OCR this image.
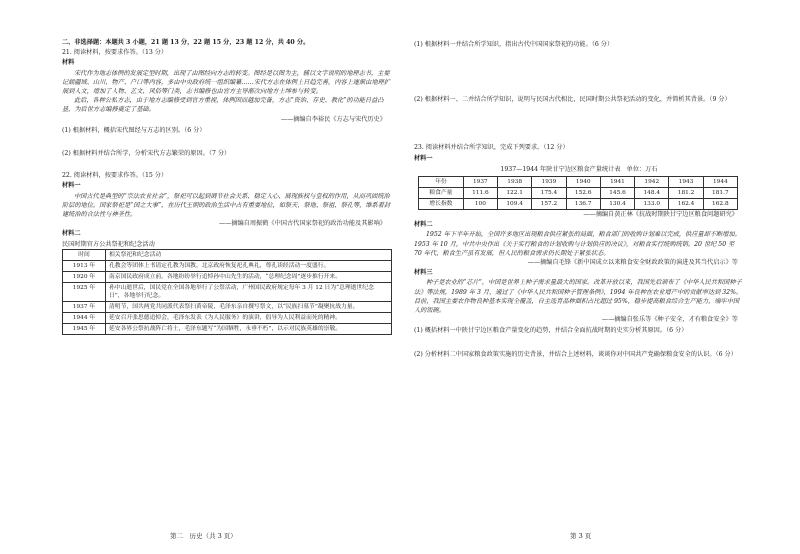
二、非选择题：本题共 3 小题，21 题 13 分，22 题 15 分，23 题 12 分，共 40 分。
21. 阅读材料，按要求作答。（13 分）
材料

宋代作为地志体例的发展定型时期，出现了由图经向方志的转变。图经是以图为主，辅以文字说明的地理志书，主要记载疆域、山川、物产、户口等内容，多由中央政府统一组织编纂……宋代方志在体例上日趋完善，内容上逐渐由地理扩展到人文，增加了人物、艺文、风俗等门类，志书编修也由官方主导渐次向地方士绅参与转变。

此后，各种公私方志，由于地方志编修受到官方重视，体例因而越加完备，方志“资治、存史、教化”的功能日益凸显，为后世方志编修奠定了基础。

——摘编自李裕民《方志与宋代历史》
(1) 根据材料，概括宋代图经与方志的区别。（6 分）
(2) 根据材料并结合所学，分析宋代方志繁荣的原因。（7 分）
22. 阅读材料，按要求作答。（15 分）
材料一

中国古代是典型的“宗法农业社会”，祭祀可以起到调节社会关系、稳定人心、展现族权与皇权的作用，从而巩固统治阶层的地位。国家祭祀是“国之大事”，在历代王朝的政治生活中占有重要地位，如祭天、祭地、祭祖、祭孔等，维系着封建统治的合法性与神圣性。

——摘编自周振鹤《中国古代国家祭祀的政治功能及其影响》
材料二
民国时期官方公共祭祀和纪念活动
时间	相关祭祀和纪念活动
1913 年	孔教会等团体上书请定孔教为国教，北京政府恢复祀孔典礼，尊孔读经活动一度盛行。
1920 年	南京国民政府成立前，各地纷纷举行追悼孙中山先生的活动，“总理纪念周”逐步推行开来。
1925 年	孙中山逝世后，国民党在全国各地举行了公祭活动，广州国民政府规定每年 3 月 12 日为“总理逝世纪念日”，各地举行纪念。
1937 年	清明节，国共两党共同派代表祭扫黄帝陵，毛泽东亲自撰写祭文，以“民族扫墓节”凝聚抗战力量。
1944 年	延安召开张思德追悼会，毛泽东发表《为人民服务》的演讲，倡导为人民利益而死的精神。
1945 年	延安各界公祭抗战阵亡将士，毛泽东题写“为国牺牲，永垂不朽”，以示对民族英雄的崇敬。
(1) 根据材料一并结合所学知识，指出古代中国国家祭祀的功能。（6 分）
(2) 根据材料一、二并结合所学知识，说明与民国古代相比，民国时期公共祭祀活动的变化，并简析其背景。（9 分）
23. 阅读材料并结合所学知识，完成下列要求。（12 分）
材料一
1937—1944 年陕甘宁边区粮食产量统计表　单位：万石
年份	1937	1938	1939	1940	1941	1942	1943	1944
粮食产量	111.6	122.1	175.4	152.6	145.6	148.4	181.2	181.7
增长指数	100	109.4	157.2	136.7	130.4	133.0	162.4	162.8
——摘编自黄正林《抗战时期陕甘宁边区粮食问题研究》
材料二

1952 年下半年开始，全国许多地区出现粮食供应紧张的局面，粮食部门的收购计划难以完成，供应量却不断增加。1953 年 10 月，中共中央作出《关于实行粮食的计划收购与计划供应的决议》，对粮食实行统购统销。20 世纪 50 至 70 年代，粮食生产虽有发展，但人民的粮食需求仍长期处于紧张状态。

——摘编自毛锋《新中国成立以来粮食安全财政政策的演进及其当代启示》等
材料三

种子是农业的“芯片”，中国是世界上种子需求量最大的国家。改革开放以来，我国先后颁布了《中华人民共和国种子法》等法规，1989 年 3 月，通过了《中华人民共和国种子管理条例》，1994 年良种在农业增产中的贡献率达到 32%。目前，我国主要农作物良种基本实现全覆盖，自主选育品种面积占比超过 95%，稳步提高粮食综合生产能力，端牢中国人的饭碗。

——摘编自张乐等《种子安全，才有粮食安全》等
(1) 概括材料一中陕甘宁边区粮食产量变化的趋势，并结合全面抗战时期的史实分析其原因。（6 分）
(2) 分析材料二中国家粮食政策实施的历史背景，并结合上述材料，谈谈你对中国共产党确保粮食安全的认识。（6 分）
第二　历史（共 3 页）	第 3 页
